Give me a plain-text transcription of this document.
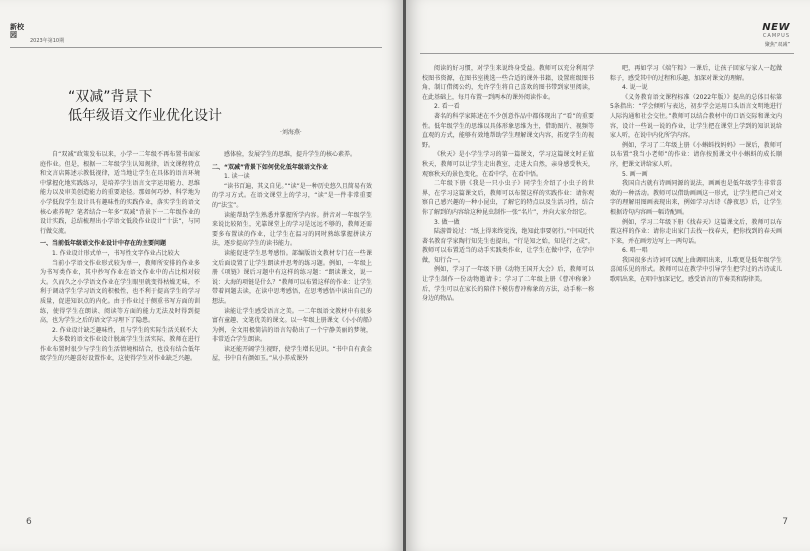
新校园
2023年第10期
“双减”背景下
低年级语文作业优化设计
·刘海燕·

自“双减”政策发布以来，小学一二年级不再布置书面家庭作业。但是，根据一二年级学生认知规律，语文课程特点和文言店陈述示教低视律，适当地让学生在具体的语言环境中掌握化地实践练习，是培养学生语言文字运用能力、思维能力以及审美创造能力的重要途径。那如何巧妙、科学地为小学低段学生设计具有趣味性的实践作业，落实学生的语文核心素养呢？笔者结合一年多“双减”背景下一二年级作业的设计实践，总结梳理出小学语文低段作业设计“十法”，与同行做交流。

一、当前低年级语文作业设计中存在的主要问题

1. 作业设计形式单一，书写性文字作业占比较大

当前小学语文作业形式较为单一，教师所安排的作业多为书写类作业，其中抄写作业在语文作业中的占比相对较大。久而久之小学语文作业在学生眼里就变得枯燥无味，不利于调动学生学习语文的积极性，也不利于提高学生的学习质量，促进知识点的内化。由于作业过于侧重书写方面的训练，使得学生在朗读、阅读等方面的能力无法及时得到提高，也为学生之后的语文学习埋下了隐患。

2. 作业设计缺乏趣味性，且与学生的实际生活关联不大

大多数的语文作业设计脱离学生生活实际，教师在进行作业布置时很少与学生的生活情境相结合，也没有结合低年级学生的兴趣喜好设置作业，这使得学生对作业缺乏兴趣。

感体验，发展学生的思维，提升学生的核心素养。

二、“双减”背景下如何优化低年级语文作业

1. 读一读

“读书百遍，其义自见。”“读”是一种历史悠久且简易有效的学习方式。在语文课堂上的学习，“读”是一件非常重要的“法宝”。

读能帮助学生熟悉并掌握所学内容。拼音对一年级学生来说比较陌生，光靠课堂上的学习是远远不够的，教师还需要多布置读的作业，让学生在温习的同时熟练掌握拼读方法，逐步提高学生的读书能力。

读能促进学生思考感悟。部编版语文教材专门在一些课文后面设置了让学生朗读并思考的练习题。例如，一年级上册《项链》课后习题中有这样的练习题：“朗读课文，说一说：大海的项链是什么？”教师可以布置这样的作业：让学生带着问题去读，在读中思考感悟，在思考感悟中读出自己的想法。

读能让学生感受语言之美。一二年级语文教材中有很多富有童趣、文笔优美的课文。以一年级上册课文《小小的船》为例，全文用极简洁的语言勾勒出了一个宁静美丽的梦境，非常适合学生朗读。

读还能开阔学生视野，使学生增长见识。“书中自有黄金屋，书中自有颜如玉。”从小养成课外

6
NEW
CAMPUS
聚焦“双减”

阅读的好习惯，对学生来说终身受益。教师可以充分利用学校图书资源，在图书室挑选一些合适的课外书籍，设置班级图书角，制订借阅公约，允许学生将自己喜欢的图书带到家里阅读，在此基础上，每月布置一到两本的课外阅读作业。

2. 看一看

著名的科学家陈述在不少创意作品中都体现出了“看”的重要性。低年级学生的思维以具体形象思维为主，借助图片、视频等直观的方式，能够有效地帮助学生理解课文内容，拓宽学生的视野。

《秋天》是小学生学习的第一篇课文，学习这篇课文时正值秋天，教师可以让学生走出教室，走进大自然，亲身感受秋天，观察秋天的景色变化，在看中学，在看中悟。

二年级下册《我是一只小虫子》同学生介绍了小虫子的世界，在学习这篇课文后，教师可以布置这样的实践作业：请你观察自己感兴趣的一种小昆虫，了解它的特点以及生活习性，结合你了解到的内容给这种昆虫制作一张“名片”，并向大家介绍它。

3. 做一做

陆游曾说过：“纸上得来终觉浅，绝知此事要躬行。”中国近代著名教育学家陶行知先生也提出，“行是知之始，知是行之成”，教师可以布置适当的动手实践类作业，让学生在做中学，在学中做，知行合一。

例如，学习了一年级下册《动物王国开大会》后，教师可以让学生制作一份动物邀请卡；学习了二年级上册《曹冲称象》后，学生可以在家长的陪伴下模仿曹冲称象的方法，动手称一称身边的物品。

吧，再如学习《端午粽》一课后，让孩子回家与家人一起做粽子，感受其中的过程和乐趣，加深对课文的理解。

4. 说一说

《义务教育语文课程标准（2022年版）》提出的总体目标第5条指出：“学会倾听与表达，初步学会运用口头语言文明地进行人际沟通和社会交往。”教师可以结合教材中的口语交际和课文内容，设计一些说一说的作业，让学生把在课堂上学到的知识说给家人听，在说中内化所学内容。

例如，学习了二年级上册《小蝌蚪找妈妈》一课后，教师可以布置“我当小老师”的作业：请你按照课文中小蝌蚪的成长顺序，把课文讲给家人听。

5. 画一画

我国自古就有诗画同源的说法，画画也是低年级学生非常喜欢的一种活动。教师可以借助画画这一形式，让学生把自己对文字的理解用图画表现出来，例如学习古诗《静夜思》后，让学生根据诗句内容画一幅诗配画。

例如，学习二年级下册《找春天》这篇课文后，教师可以布置这样的作业：请你走出家门去找一找春天，把你找到的春天画下来，并在画旁边写上一两句话。

6. 唱一唱

我国很多古诗词可以配上曲调唱出来，儿歌更是低年级学生喜闻乐见的形式。教师可以在教学中引导学生把学过的古诗或儿歌唱出来，在唱中加深记忆，感受语言的节奏美和韵律美。

7
